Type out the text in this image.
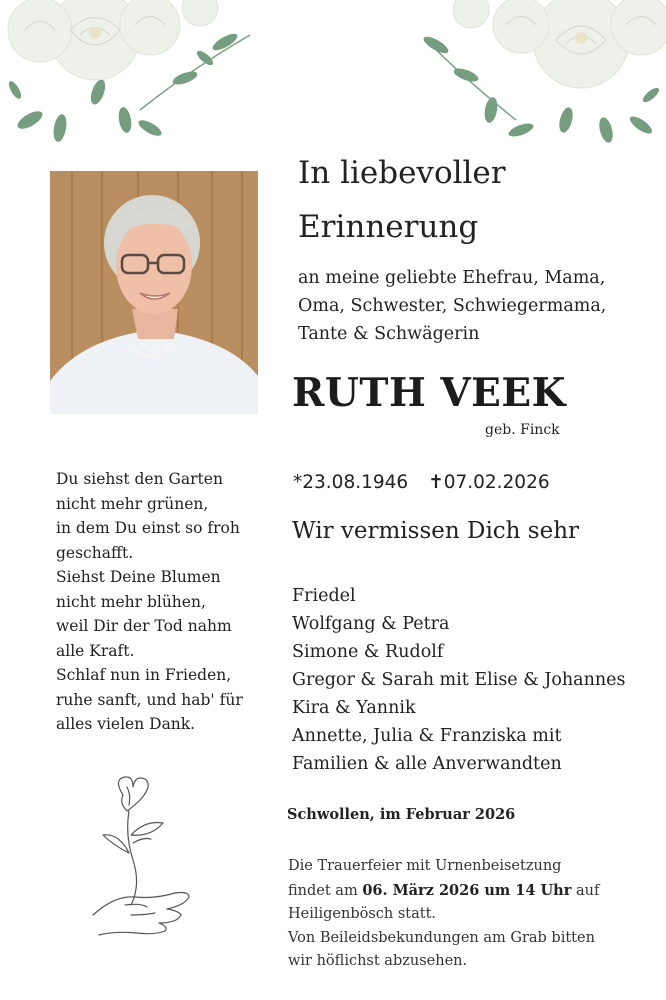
In liebevoller
Erinnerung
an meine geliebte Ehefrau, Mama,
Oma, Schwester, Schwiegermama,
Tante & Schwägerin
RUTH VEEK
geb. Finck
*23.08.1946 ✝07.02.2026
Wir vermissen Dich sehr
Friedel
Wolfgang & Petra
Simone & Rudolf
Gregor & Sarah mit Elise & Johannes
Kira & Yannik
Annette, Julia & Franziska mit
Familien & alle Anverwandten
Du siehst den Garten
nicht mehr grünen,
in dem Du einst so froh
geschafft.
Siehst Deine Blumen
nicht mehr blühen,
weil Dir der Tod nahm
alle Kraft.
Schlaf nun in Frieden,
ruhe sanft, und hab' für
alles vielen Dank.
Schwollen, im Februar 2026
Die Trauerfeier mit Urnenbeisetzung
findet am 06. März 2026 um 14 Uhr auf
Heiligenbösch statt.
Von Beileidsbekundungen am Grab bitten
wir höflichst abzusehen.
